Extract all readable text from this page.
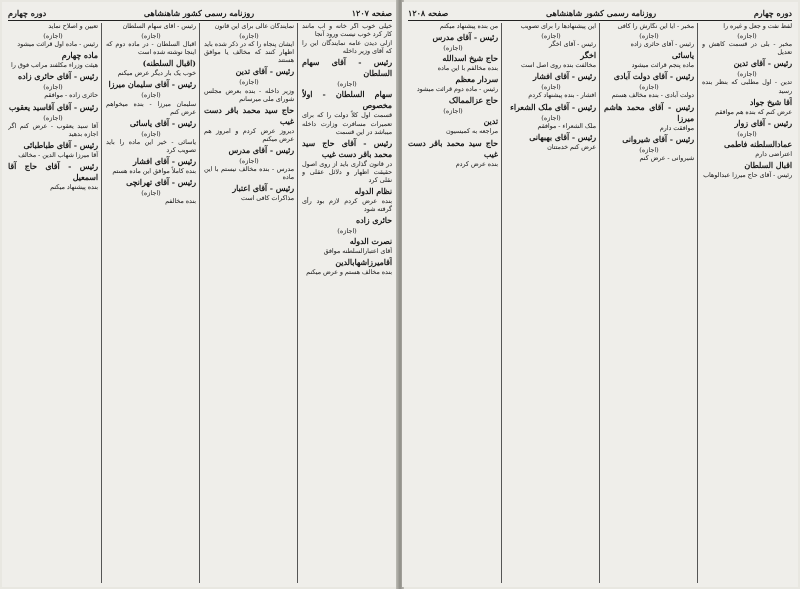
صفحه ۱۲۰۷
روزنامه رسمی کشور شاهنشاهی
دوره چهارم

خیلی خوب اگر خانه و آب مانند کار کرد خوب نیست ورود آنجا

ازلی دیدن عامه نمایندگان این را که آقای وزیر داخله

رئیس - آقای سهام السلطان

(اجازه)

سهام السلطان - اولاً مخصوص

قسمت اول کلاً دولت را که برای تعمیرات مسافرت وزارت داخله میباشد در این قسمت

رئیس - آقای حاج سید محمد باقر دست غیب

در قانون گذاری باید از روی اصول حقیقت اظهار و دلائل عقلی و نقلی کرد

نظام الدوله

بنده عرض کردم لازم بود رأی گرفته شود

حائری زاده

(اجازه)

نصرت الدوله

آقای اعتبارالسلطنه موافق

آقامیرزاشهابالدین

بنده مخالف هستم و عرض میکنم

نمایندگان عالی برای این قانون

(اجازه)

ایشان پنجاه را که در ذکر شده باید اظهار کنند که مخالف یا موافق هستند

رئیس - آقای تدین

(اجازه)

وزیر داخله - بنده بعرض مجلس شورای ملی میرسانم

حاج سید محمد باقر دست غیب

دیروز عرض کردم و امروز هم عرض میکنم

رئیس - آقای مدرس

(اجازه)

مدرس - بنده مخالف نیستم با این ماده

رئیس - آقای اعتبار

مذاکرات کافی است

رئیس - آقای سهام السلطان

(اجازه)

اقبال السلطان - در ماده دوم که اینجا نوشته شده است

(اقبال السلطنه)

خوب یک بار دیگر عرض میکنم

رئیس - آقای سلیمان میرزا

(اجازه)

سلیمان میرزا - بنده میخواهم عرض کنم

رئیس - آقای یاسائی

(اجازه)

یاسائی - خیر این ماده را باید تصویب کرد

رئیس - آقای افشار

بنده کاملاً موافق این ماده هستم

رئیس - آقای تهرانچی

(اجازه)

بنده مخالفم

تعیین و اصلاح نماید

(اجازه)

رئیس - ماده اول قرائت میشود

ماده چهارم

هیئت وزراء مکلفند مراتب فوق را

رئیس - آقای حائری زاده

(اجازه)

حائری زاده - موافقم

رئیس - آقای آقاسید یعقوب

(اجازه)

آقا سید یعقوب - عرض کنم اگر اجازه بدهید

رئیس - آقای طباطبائی

آقا میرزا شهاب الدین - مخالف

رئیس - آقای حاج آقا اسمعیل

بنده پیشنهاد میکنم

دوره چهارم
روزنامه رسمی کشور شاهنشاهی
صفحه ۱۲۰۸

لفظ نفت و جعل و غیره را

(اجازه)

مخبر - بلی در قسمت کاهش و تعدیل

رئیس - آقای تدین

(اجازه)

تدین - اول مطلبی که بنظر بنده رسید

آقا شیخ جواد

عرض کنم که بنده هم موافقم

رئیس - آقای زوار

(اجازه)

عمادالسلطنه فاطمی

اعتراضی دارم

اقبال السلطان

رئیس - آقای حاج میرزا عبدالوهاب

مخبر - آیا این نگارش را کافی

(اجازه)

رئیس - آقای حائری زاده

یاسائی

ماده پنجم قرائت میشود

رئیس - آقای دولت آبادی

(اجازه)

دولت آبادی - بنده مخالف هستم

رئیس - آقای محمد هاشم میرزا

موافقت دارم

رئیس - آقای شیروانی

(اجازه)

شیروانی - عرض کنم

این پیشنهادها را برای تصویب

(اجازه)

رئیس - آقای اخگر

اخگر

مخالفت بنده روی اصل است

رئیس - آقای افشار

(اجازه)

افشار - بنده پیشنهاد کردم

رئیس - آقای ملک الشعراء

(اجازه)

ملک الشعراء - موافقم

رئیس - آقای بهبهانی

عرض کنم خدمتتان

من بنده پیشنهاد میکنم

رئیس - آقای مدرس

(اجازه)

حاج شیخ اسدالله

بنده مخالفم با این ماده

سردار معظم

رئیس - ماده دوم قرائت میشود

حاج عزالممالک

(اجازه)

تدین

مراجعه به کمیسیون

حاج سید محمد باقر دست غیب

بنده عرض کردم
